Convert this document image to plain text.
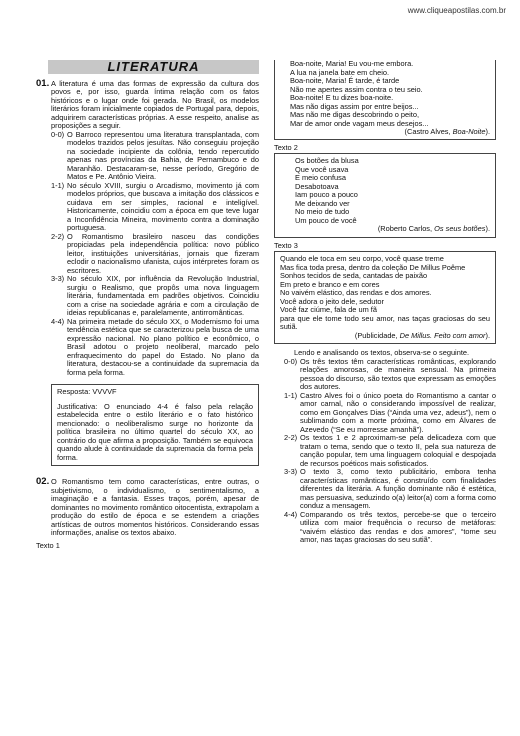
www.cliqueapostilas.com.br
LITERATURA
01. A literatura é uma das formas de expressão da cultura dos povos e, por isso, guarda íntima relação com os fatos históricos e o lugar onde foi gerada. No Brasil, os modelos literários foram inicialmente copiados de Portugal para, depois, adquirirem características próprias. A esse respeito, analise as proposições a seguir.
0-0) O Barroco representou uma literatura transplantada, com modelos trazidos pelos jesuítas. Não conseguiu projeção na sociedade incipiente da colônia, tendo repercutido apenas nas províncias da Bahia, de Pernambuco e do Maranhão. Destacaram-se, nesse período, Gregório de Matos e Pe. Antônio Vieira.
1-1) No século XVIII, surgiu o Arcadismo, movimento já com modelos próprios, que buscava a imitação dos clássicos e cuidava em ser simples, racional e inteligível. Historicamente, coincidiu com a época em que teve lugar a Inconfidência Mineira, movimento contra a dominação portuguesa.
2-2) O Romantismo brasileiro nasceu das condições propiciadas pela independência política: novo público leitor, instituições universitárias, jornais que fizeram eclodir o nacionalismo ufanista, cujos intérpretes foram os escritores.
3-3) No século XIX, por influência da Revolução Industrial, surgiu o Realismo, que propôs uma nova linguagem literária, fundamentada em padrões objetivos. Coincidiu com a crise na sociedade agrária e com a circulação de ideias republicanas e, paralelamente, antirromânticas.
4-4) Na primeira metade do século XX, o Modernismo foi uma tendência estética que se caracterizou pela busca de uma expressão nacional. No plano político e econômico, o Brasil adotou o projeto neoliberal, marcado pelo enfraquecimento do papel do Estado. No plano da literatura, destacou-se a continuidade da supremacia da forma pela forma.

Resposta: VVVVF

Justificativa: O enunciado 4-4 é falso pela relação estabelecida entre o estilo literário e o fato histórico mencionado: o neoliberalismo surge no horizonte da política brasileira no último quartel do século XX, ao contrário do que afirma a proposição. Também se equivoca quando alude à continuidade da supremacia da forma pela forma.

02. O Romantismo tem como características, entre outras, o subjetivismo, o individualismo, o sentimentalismo, a imaginação e a fantasia. Esses traços, porém, apesar de dominantes no movimento romântico oitocentista, extrapolam a produção do estilo de época e se estendem a criações artísticas de outros momentos históricos. Considerando essas informações, analise os textos abaixo.
Texto 1

Boa-noite, Maria! Eu vou-me embora.

A lua na janela bate em cheio.

Boa-noite, Maria! É tarde, é tarde

Não me apertes assim contra o teu seio.

Boa-noite! E tu dizes boa-noite.

Mas não digas assim por entre beijos...

Mas não me digas descobrindo o peito,

Mar de amor onde vagam meus desejos...

(Castro Alves, Boa-Noite).

Texto 2

Os botões da blusa

Que você usava

E meio confusa

Desabotoava

Iam pouco a pouco

Me deixando ver

No meio de tudo

Um pouco de você

(Roberto Carlos, Os seus botões).

Texto 3

Quando ele toca em seu corpo, você quase treme

Mas fica toda presa, dentro da coleção De Millus Poême

Sonhos tecidos de seda, cantadas de paixão

Em preto e branco e em cores

No vaivém elástico, das rendas e dos amores.

Você adora o jeito dele, sedutor

Você faz ciúme, fala de um fã

para que ele tome todo seu amor, nas taças graciosas do seu sutiã.

(Publicidade, De Millus. Feito com amor).

Lendo e analisando os textos, observa-se o seguinte.
0-0) Os três textos têm características românticas, explorando relações amorosas, de maneira sensual. Na primeira pessoa do discurso, são textos que expressam as emoções dos autores.
1-1) Castro Alves foi o único poeta do Romantismo a cantar o amor carnal, não o considerando impossível de realizar, como em Gonçalves Dias (“Ainda uma vez, adeus”), nem o sublimando com a morte próxima, como em Álvares de Azevedo (“Se eu morresse amanhã”).
2-2) Os textos 1 e 2 aproximam-se pela delicadeza com que tratam o tema, sendo que o texto II, pela sua natureza de canção popular, tem uma linguagem coloquial e despojada de recursos poéticos mais sofisticados.
3-3) O texto 3, como texto publicitário, embora tenha características românticas, é construído com finalidades diferentes da literária. A função dominante não é estética, mas persuasiva, seduzindo o(a) leitor(a) com a forma como conduz a mensagem.
4-4) Comparando os três textos, percebe-se que o terceiro utiliza com maior frequência o recurso de metáforas: “vaivém elástico das rendas e dos amores”, “tome seu amor, nas taças graciosas do seu sutiã”.
